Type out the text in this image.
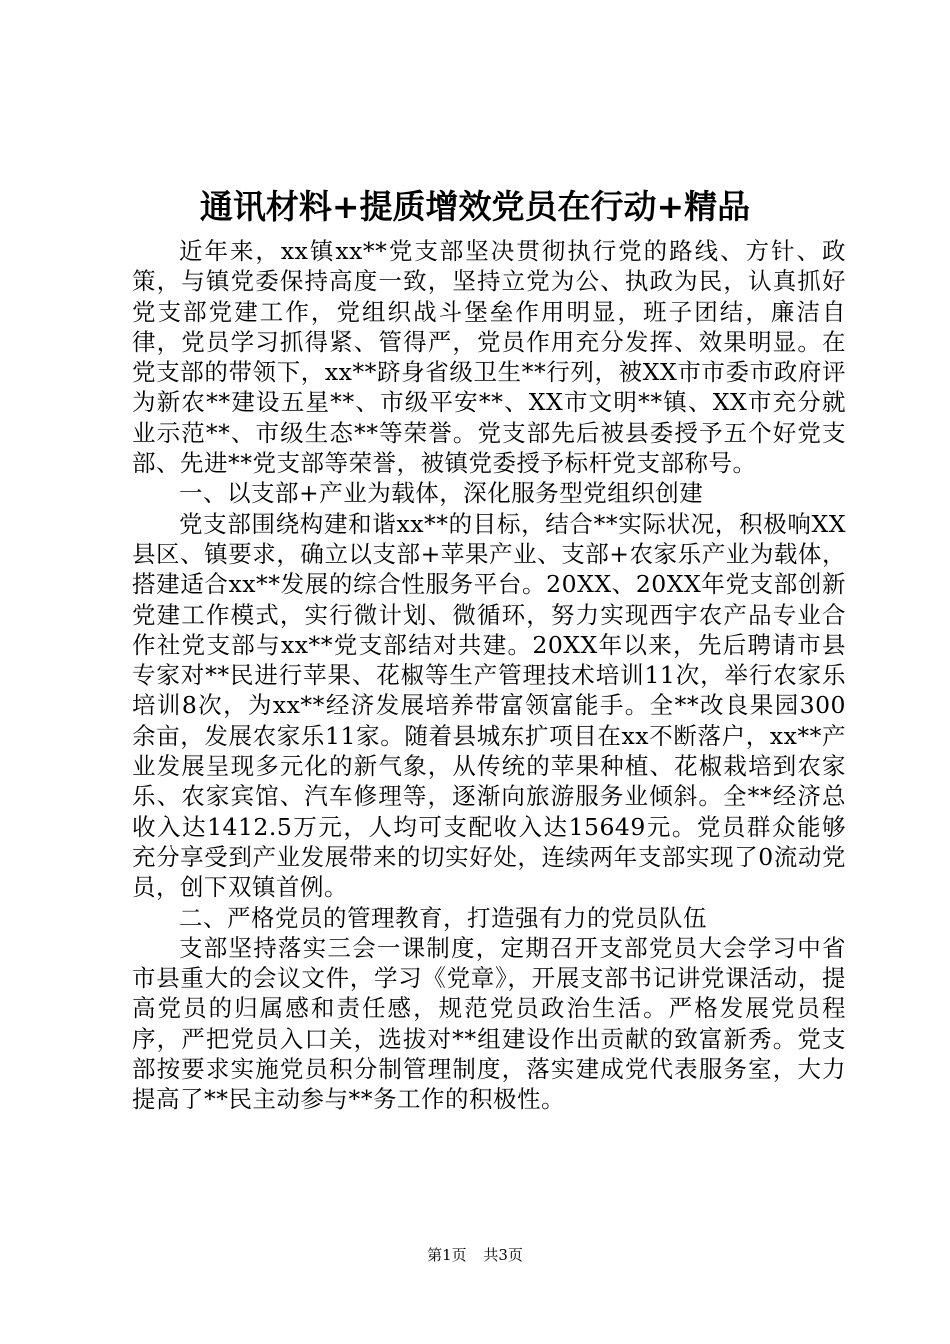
通讯材料+提质增效党员在行动+精品

近年来，xx镇xx**党支部坚决贯彻执行党的路线、方针、政策，与镇党委保持高度一致，坚持立党为公、执政为民，认真抓好党支部党建工作，党组织战斗堡垒作用明显，班子团结，廉洁自律，党员学习抓得紧、管得严，党员作用充分发挥、效果明显。在党支部的带领下，xx**跻身省级卫生**行列，被XX市市委市政府评为新农**建设五星**、市级平安**、XX市文明**镇、XX市充分就业示范**、市级生态**等荣誉。党支部先后被县委授予五个好党支部、先进**党支部等荣誉，被镇党委授予标杆党支部称号。

一、以支部+产业为载体，深化服务型党组织创建

党支部围绕构建和谐xx**的目标，结合**实际状况，积极响XX县区、镇要求，确立以支部+苹果产业、支部+农家乐产业为载体，搭建适合xx**发展的综合性服务平台。20XX、20XX年党支部创新党建工作模式，实行微计划、微循环，努力实现西宇农产品专业合作社党支部与xx**党支部结对共建。20XX年以来，先后聘请市县专家对**民进行苹果、花椒等生产管理技术培训11次，举行农家乐培训8次，为xx**经济发展培养带富领富能手。全**改良果园300余亩，发展农家乐11家。随着县城东扩项目在xx不断落户，xx**产业发展呈现多元化的新气象，从传统的苹果种植、花椒栽培到农家乐、农家宾馆、汽车修理等，逐渐向旅游服务业倾斜。全**经济总收入达1412.5万元，人均可支配收入达15649元。党员群众能够充分享受到产业发展带来的切实好处，连续两年支部实现了0流动党员，创下双镇首例。

二、严格党员的管理教育，打造强有力的党员队伍

支部坚持落实三会一课制度，定期召开支部党员大会学习中省市县重大的会议文件，学习《党章》，开展支部书记讲党课活动，提高党员的归属感和责任感，规范党员政治生活。严格发展党员程序，严把党员入口关，选拔对**组建设作出贡献的致富新秀。党支部按要求实施党员积分制管理制度，落实建成党代表服务室，大力提高了**民主动参与**务工作的积极性。

第1页 共3页
